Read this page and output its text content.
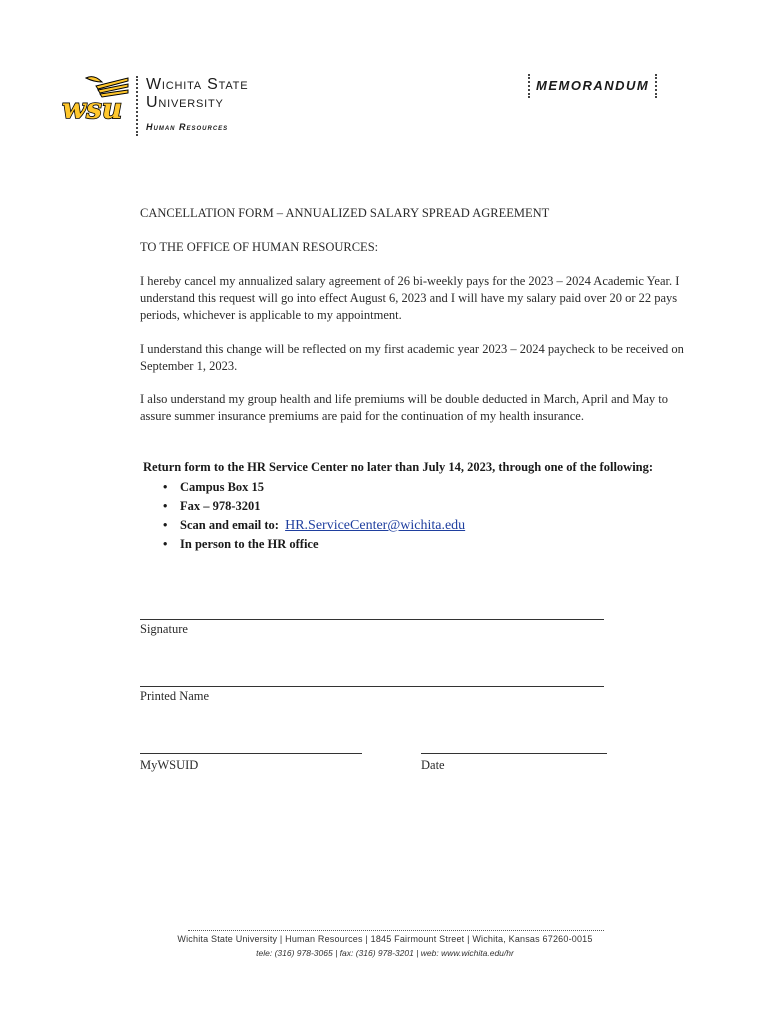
wsu
Wichita State
University
Human Resources
MEMORANDUM
CANCELLATION FORM – ANNUALIZED SALARY SPREAD AGREEMENT
TO THE OFFICE OF HUMAN RESOURCES:
I hereby cancel my annualized salary agreement of 26 bi-weekly pays for the 2023 – 2024 Academic Year. I understand this request will go into effect August 6, 2023 and I will have my salary paid over 20 or 22 pays periods, whichever is applicable to my appointment.
I understand this change will be reflected on my first academic year 2023 – 2024 paycheck to be received on September 1, 2023.
I also understand my group health and life premiums will be double deducted in March, April and May to assure summer insurance premiums are paid for the continuation of my health insurance.
Return form to the HR Service Center no later than July 14, 2023, through one of the following:
• Campus Box 15
• Fax – 978-3201
• Scan and email to: HR.ServiceCenter@wichita.edu
• In person to the HR office
Signature
Printed Name
MyWSUID	Date
Wichita State University | Human Resources | 1845 Fairmount Street | Wichita, Kansas 67260-0015
tele: (316) 978-3065 | fax: (316) 978-3201 | web: www.wichita.edu/hr
